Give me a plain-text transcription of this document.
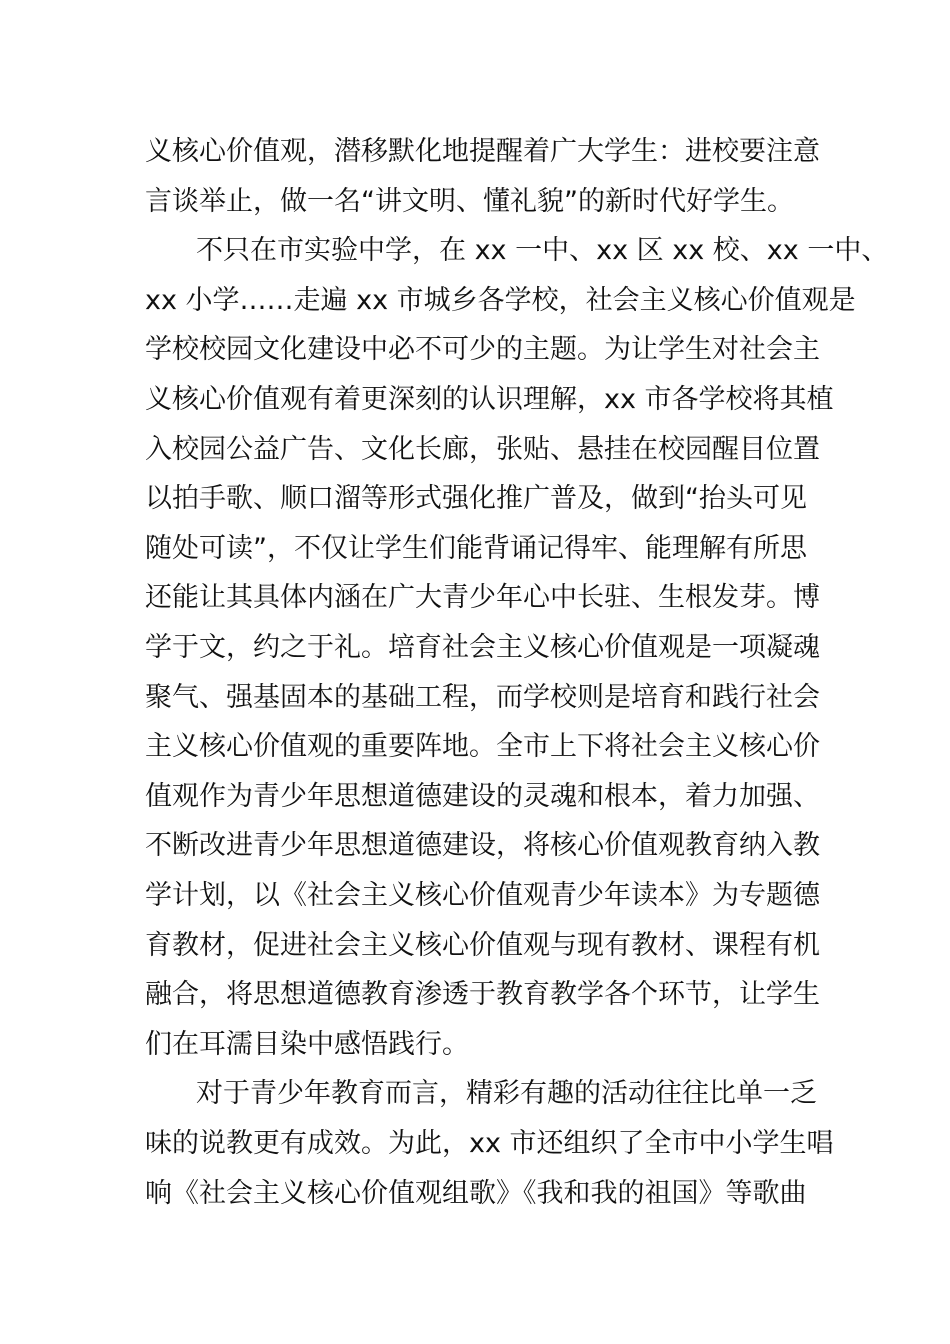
义核心价值观，潜移默化地提醒着广大学生：进校要注意
言谈举止，做一名“讲文明、懂礼貌”的新时代好学生。
不只在市实验中学，在 xx 一中、xx 区 xx 校、xx 一中、
xx 小学……走遍 xx 市城乡各学校，社会主义核心价值观是
学校校园文化建设中必不可少的主题。为让学生对社会主
义核心价值观有着更深刻的认识理解，xx 市各学校将其植
入校园公益广告、文化长廊，张贴、悬挂在校园醒目位置
以拍手歌、顺口溜等形式强化推广普及，做到“抬头可见
随处可读”，不仅让学生们能背诵记得牢、能理解有所思
还能让其具体内涵在广大青少年心中长驻、生根发芽。博
学于文，约之于礼。培育社会主义核心价值观是一项凝魂
聚气、强基固本的基础工程，而学校则是培育和践行社会
主义核心价值观的重要阵地。全市上下将社会主义核心价
值观作为青少年思想道德建设的灵魂和根本，着力加强、
不断改进青少年思想道德建设，将核心价值观教育纳入教
学计划，以《社会主义核心价值观青少年读本》为专题德
育教材，促进社会主义核心价值观与现有教材、课程有机
融合，将思想道德教育渗透于教育教学各个环节，让学生
们在耳濡目染中感悟践行。
对于青少年教育而言，精彩有趣的活动往往比单一乏
味的说教更有成效。为此，xx 市还组织了全市中小学生唱
响《社会主义核心价值观组歌》《我和我的祖国》等歌曲
